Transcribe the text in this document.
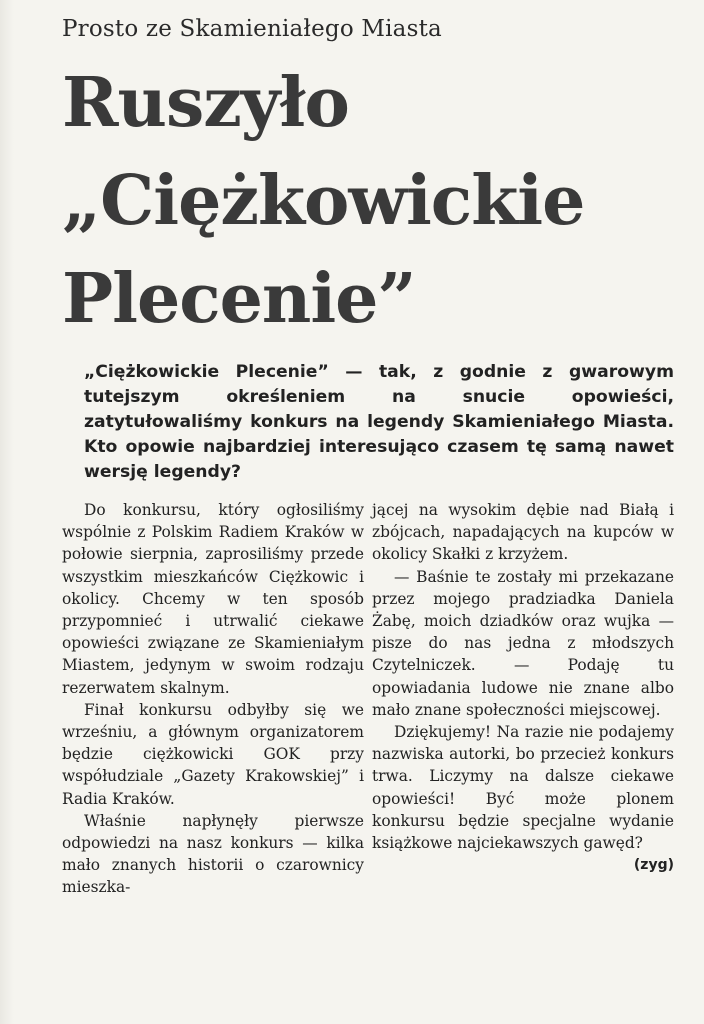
Prosto ze Skamieniałego Miasta
Ruszyło
„Ciężkowickie
Plecenie”
„Ciężkowickie Plecenie” — tak, z godnie z gwarowym tutejszym określeniem na snucie opowieści, zatytułowaliśmy konkurs na legendy Skamieniałego Miasta. Kto opowie najbardziej interesująco czasem tę samą nawet wersję legendy?

Do konkursu, który ogłosiliśmy wspólnie z Polskim Radiem Kraków w połowie sierpnia, zaprosiliśmy przede wszystkim mieszkańców Ciężkowic i okolicy. Chcemy w ten sposób przypomnieć i utrwalić ciekawe opowieści związane ze Skamieniałym Miastem, jedynym w swoim rodzaju rezerwatem skalnym.

Finał konkursu odbyłby się we wrześniu, a głównym organizatorem będzie ciężkowicki GOK przy współudziale „Gazety Krakowskiej” i Radia Kraków.

Właśnie napłynęły pierwsze odpowiedzi na nasz konkurs — kilka mało znanych historii o czarownicy mieszka-

jącej na wysokim dębie nad Białą i zbójcach, napadających na kupców w okolicy Skałki z krzyżem.

— Baśnie te zostały mi przekazane przez mojego pradziadka Daniela Żabę, moich dziadków oraz wujka — pisze do nas jedna z młodszych Czytelniczek. — Podaję tu opowiadania ludowe nie znane albo mało znane społeczności miejscowej.

Dziękujemy! Na razie nie podajemy nazwiska autorki, bo przecież konkurs trwa. Liczymy na dalsze ciekawe opowieści! Być może plonem konkursu będzie specjalne wydanie książkowe najciekawszych gawęd?
(zyg)
